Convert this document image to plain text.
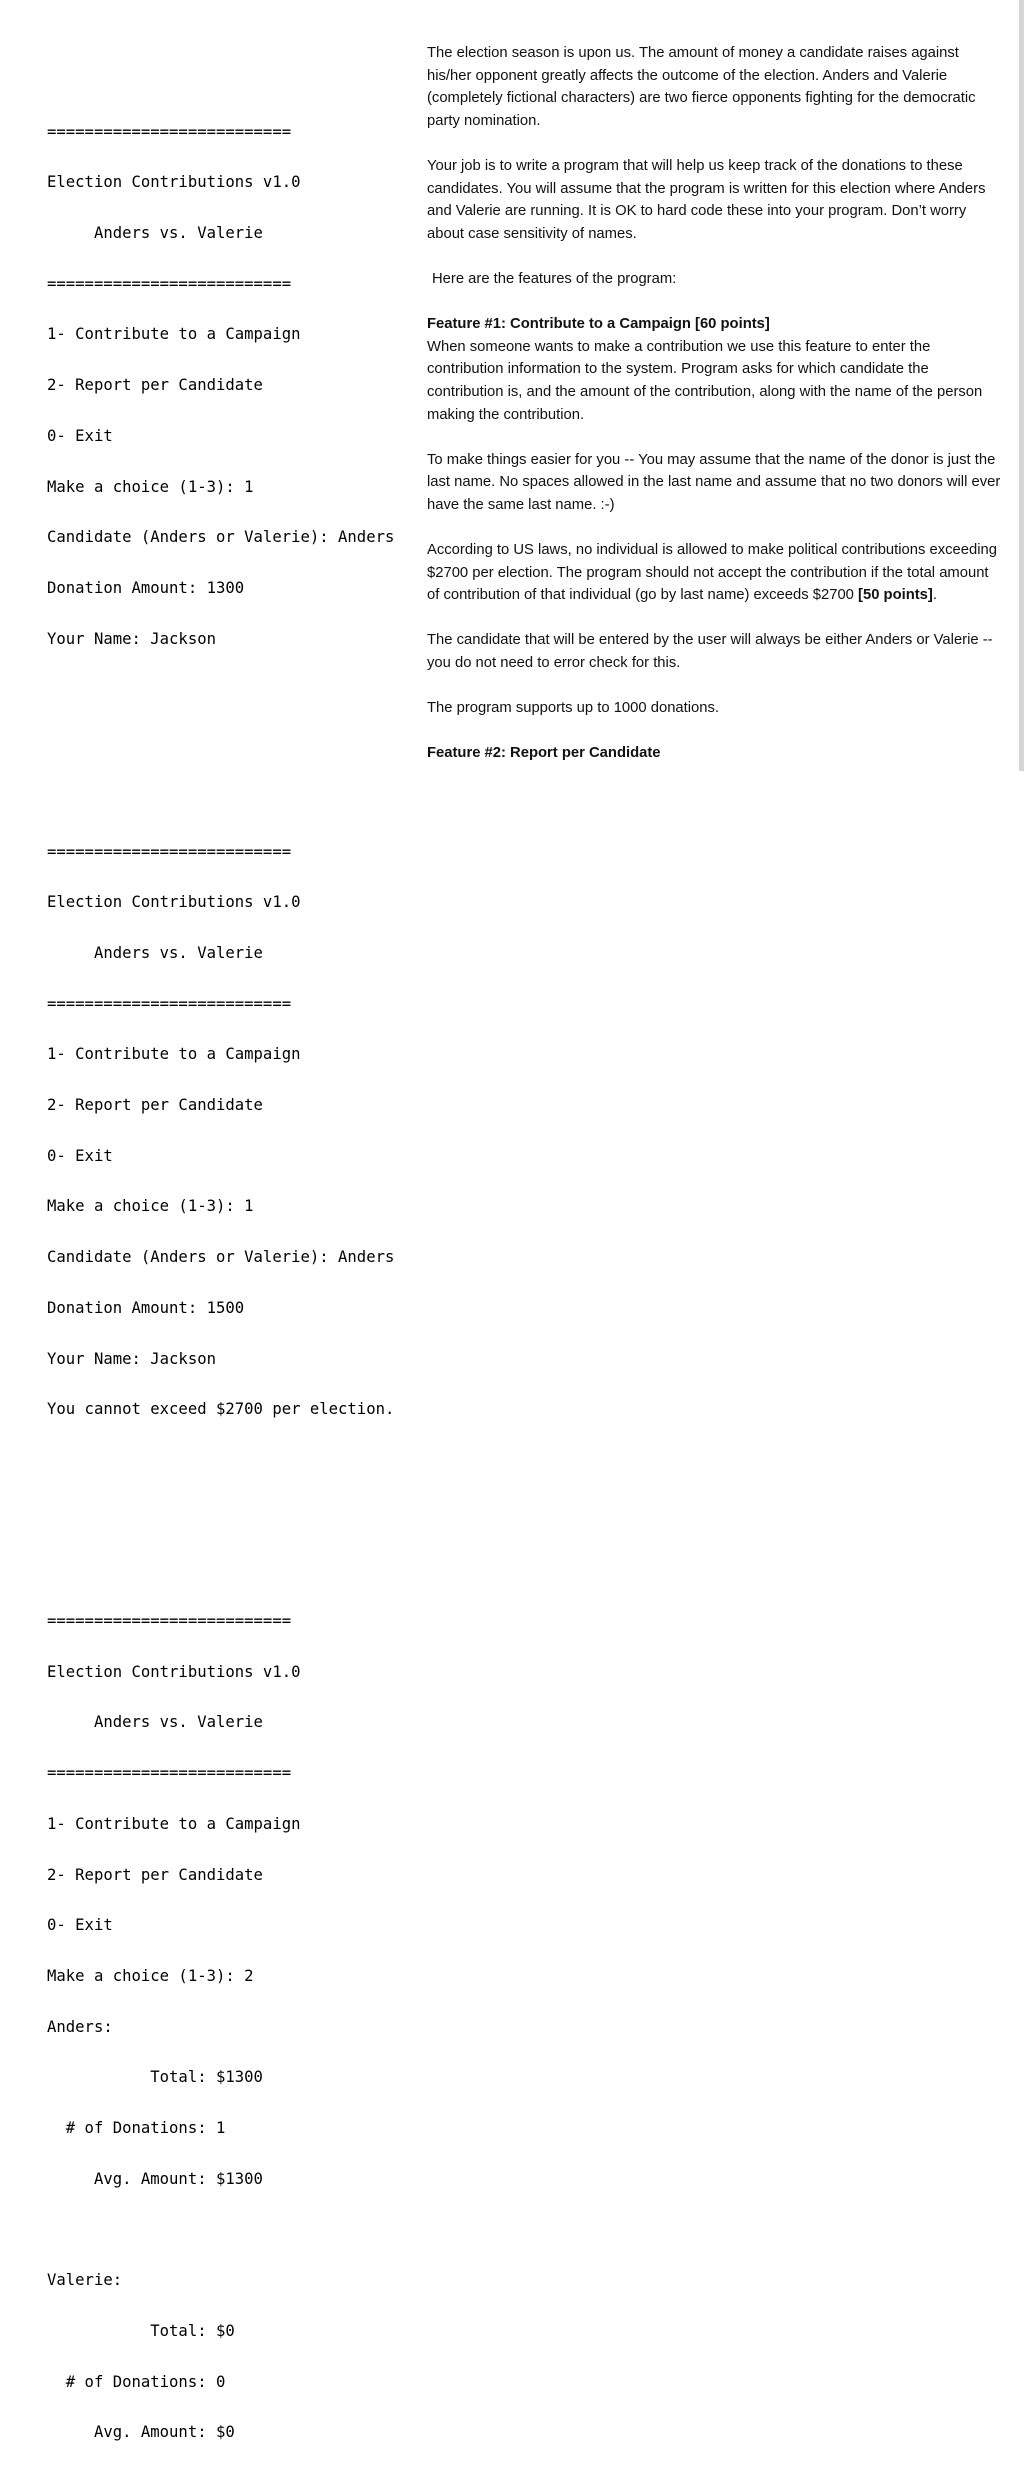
==========================

Election Contributions v1.0

Anders vs. Valerie

==========================

1- Contribute to a Campaign

2- Report per Candidate

0- Exit

Make a choice (1-3): 1

Candidate (Anders or Valerie): Anders

Donation Amount: 1300

Your Name: Jackson

==========================

Election Contributions v1.0

Anders vs. Valerie

==========================

1- Contribute to a Campaign

2- Report per Candidate

0- Exit

Make a choice (1-3): 1

Candidate (Anders or Valerie): Anders

Donation Amount: 1500

Your Name: Jackson

You cannot exceed $2700 per election.

==========================

Election Contributions v1.0

Anders vs. Valerie

==========================

1- Contribute to a Campaign

2- Report per Candidate

0- Exit

Make a choice (1-3): 2

Anders:

Total: $1300

# of Donations: 1

Avg. Amount: $1300

Valerie:

Total: $0

# of Donations: 0

Avg. Amount: $0

The election season is upon us. The amount of money a candidate raises against his/her opponent greatly affects the outcome of the election. Anders and Valerie (completely fictional characters) are two fierce opponents fighting for the democratic party nomination.

Your job is to write a program that will help us keep track of the donations to these candidates. You will assume that the program is written for this election where Anders and Valerie are running. It is OK to hard code these into your program. Don’t worry about case sensitivity of names.

Here are the features of the program:

Feature #1: Contribute to a Campaign [60 points]

When someone wants to make a contribution we use this feature to enter the contribution information to the system. Program asks for which candidate the contribution is, and the amount of the contribution, along with the name of the person making the contribution.

To make things easier for you -- You may assume that the name of the donor is just the last name. No spaces allowed in the last name and assume that no two donors will ever have the same last name. :-)

According to US laws, no individual is allowed to make political contributions exceeding $2700 per election. The program should not accept the contribution if the total amount of contribution of that individual (go by last name) exceeds $2700 [50 points].

The candidate that will be entered by the user will always be either Anders or Valerie -- you do not need to error check for this.

The program supports up to 1000 donations.

Feature #2: Report per Candidate
